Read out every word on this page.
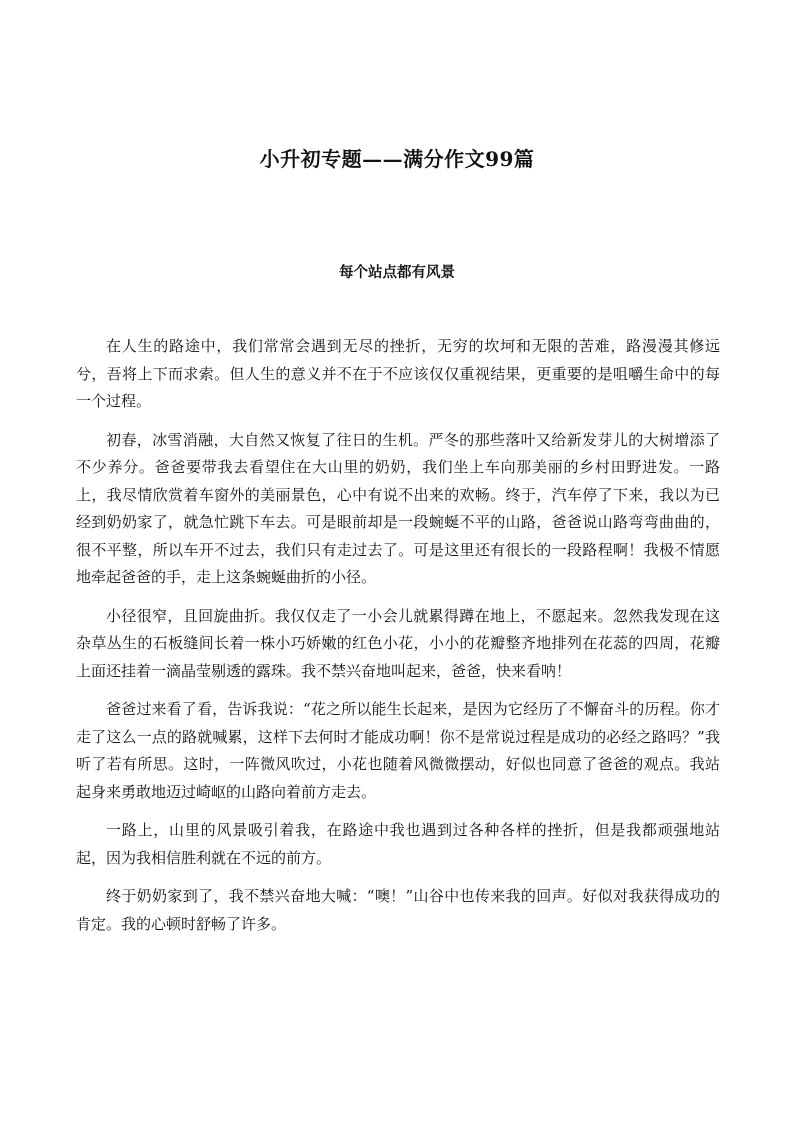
小升初专题——满分作文99篇
每个站点都有风景

在人生的路途中，我们常常会遇到无尽的挫折，无穷的坎坷和无限的苦难，路漫漫其修远兮，吾将上下而求索。但人生的意义并不在于不应该仅仅重视结果，更重要的是咀嚼生命中的每一个过程。

初春，冰雪消融，大自然又恢复了往日的生机。严冬的那些落叶又给新发芽儿的大树增添了不少养分。爸爸要带我去看望住在大山里的奶奶，我们坐上车向那美丽的乡村田野进发。一路上，我尽情欣赏着车窗外的美丽景色，心中有说不出来的欢畅。终于，汽车停了下来，我以为已经到奶奶家了，就急忙跳下车去。可是眼前却是一段蜿蜒不平的山路，爸爸说山路弯弯曲曲的，很不平整，所以车开不过去，我们只有走过去了。可是这里还有很长的一段路程啊！我极不情愿地牵起爸爸的手，走上这条蜿蜒曲折的小径。

小径很窄，且回旋曲折。我仅仅走了一小会儿就累得蹲在地上，不愿起来。忽然我发现在这杂草丛生的石板缝间长着一株小巧娇嫩的红色小花，小小的花瓣整齐地排列在花蕊的四周，花瓣上面还挂着一滴晶莹剔透的露珠。我不禁兴奋地叫起来，爸爸，快来看呐！

爸爸过来看了看，告诉我说：“花之所以能生长起来，是因为它经历了不懈奋斗的历程。你才走了这么一点的路就喊累，这样下去何时才能成功啊！你不是常说过程是成功的必经之路吗？”我听了若有所思。这时，一阵微风吹过，小花也随着风微微摆动，好似也同意了爸爸的观点。我站起身来勇敢地迈过崎岖的山路向着前方走去。

一路上，山里的风景吸引着我，在路途中我也遇到过各种各样的挫折，但是我都顽强地站起，因为我相信胜利就在不远的前方。

终于奶奶家到了，我不禁兴奋地大喊：“噢！”山谷中也传来我的回声。好似对我获得成功的肯定。我的心顿时舒畅了许多。
